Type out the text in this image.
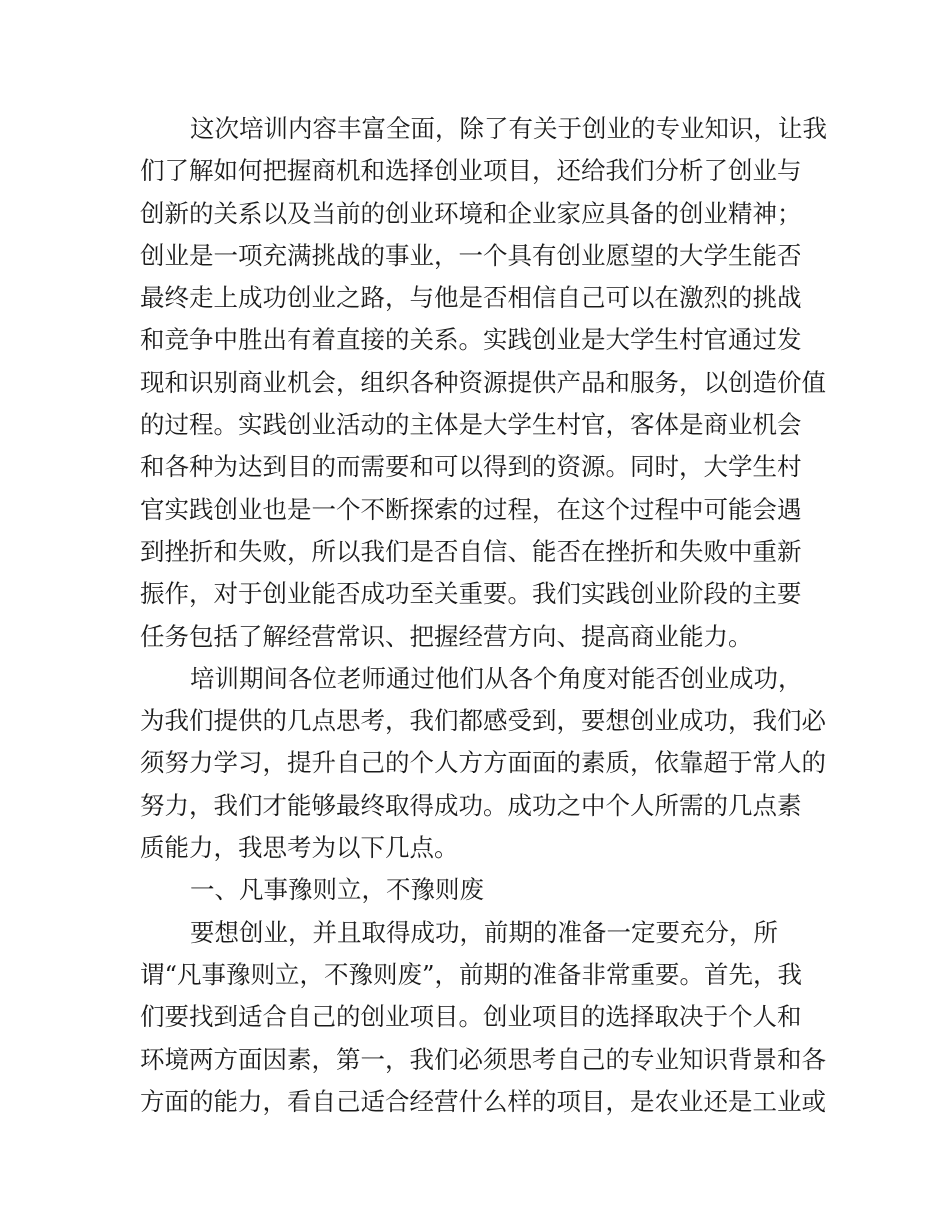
这次培训内容丰富全面，除了有关于创业的专业知识，让我
们了解如何把握商机和选择创业项目，还给我们分析了创业与
创新的关系以及当前的创业环境和企业家应具备的创业精神；
创业是一项充满挑战的事业，一个具有创业愿望的大学生能否
最终走上成功创业之路，与他是否相信自己可以在激烈的挑战
和竞争中胜出有着直接的关系。实践创业是大学生村官通过发
现和识别商业机会，组织各种资源提供产品和服务，以创造价值
的过程。实践创业活动的主体是大学生村官，客体是商业机会
和各种为达到目的而需要和可以得到的资源。同时，大学生村
官实践创业也是一个不断探索的过程，在这个过程中可能会遇
到挫折和失败，所以我们是否自信、能否在挫折和失败中重新
振作，对于创业能否成功至关重要。我们实践创业阶段的主要
任务包括了解经营常识、把握经营方向、提高商业能力。
培训期间各位老师通过他们从各个角度对能否创业成功，
为我们提供的几点思考，我们都感受到，要想创业成功，我们必
须努力学习，提升自己的个人方方面面的素质，依靠超于常人的
努力，我们才能够最终取得成功。成功之中个人所需的几点素
质能力，我思考为以下几点。
一、凡事豫则立，不豫则废
要想创业，并且取得成功，前期的准备一定要充分，所
谓“凡事豫则立，不豫则废”，前期的准备非常重要。首先，我
们要找到适合自己的创业项目。创业项目的选择取决于个人和
环境两方面因素，第一，我们必须思考自己的专业知识背景和各
方面的能力，看自己适合经营什么样的项目，是农业还是工业或
